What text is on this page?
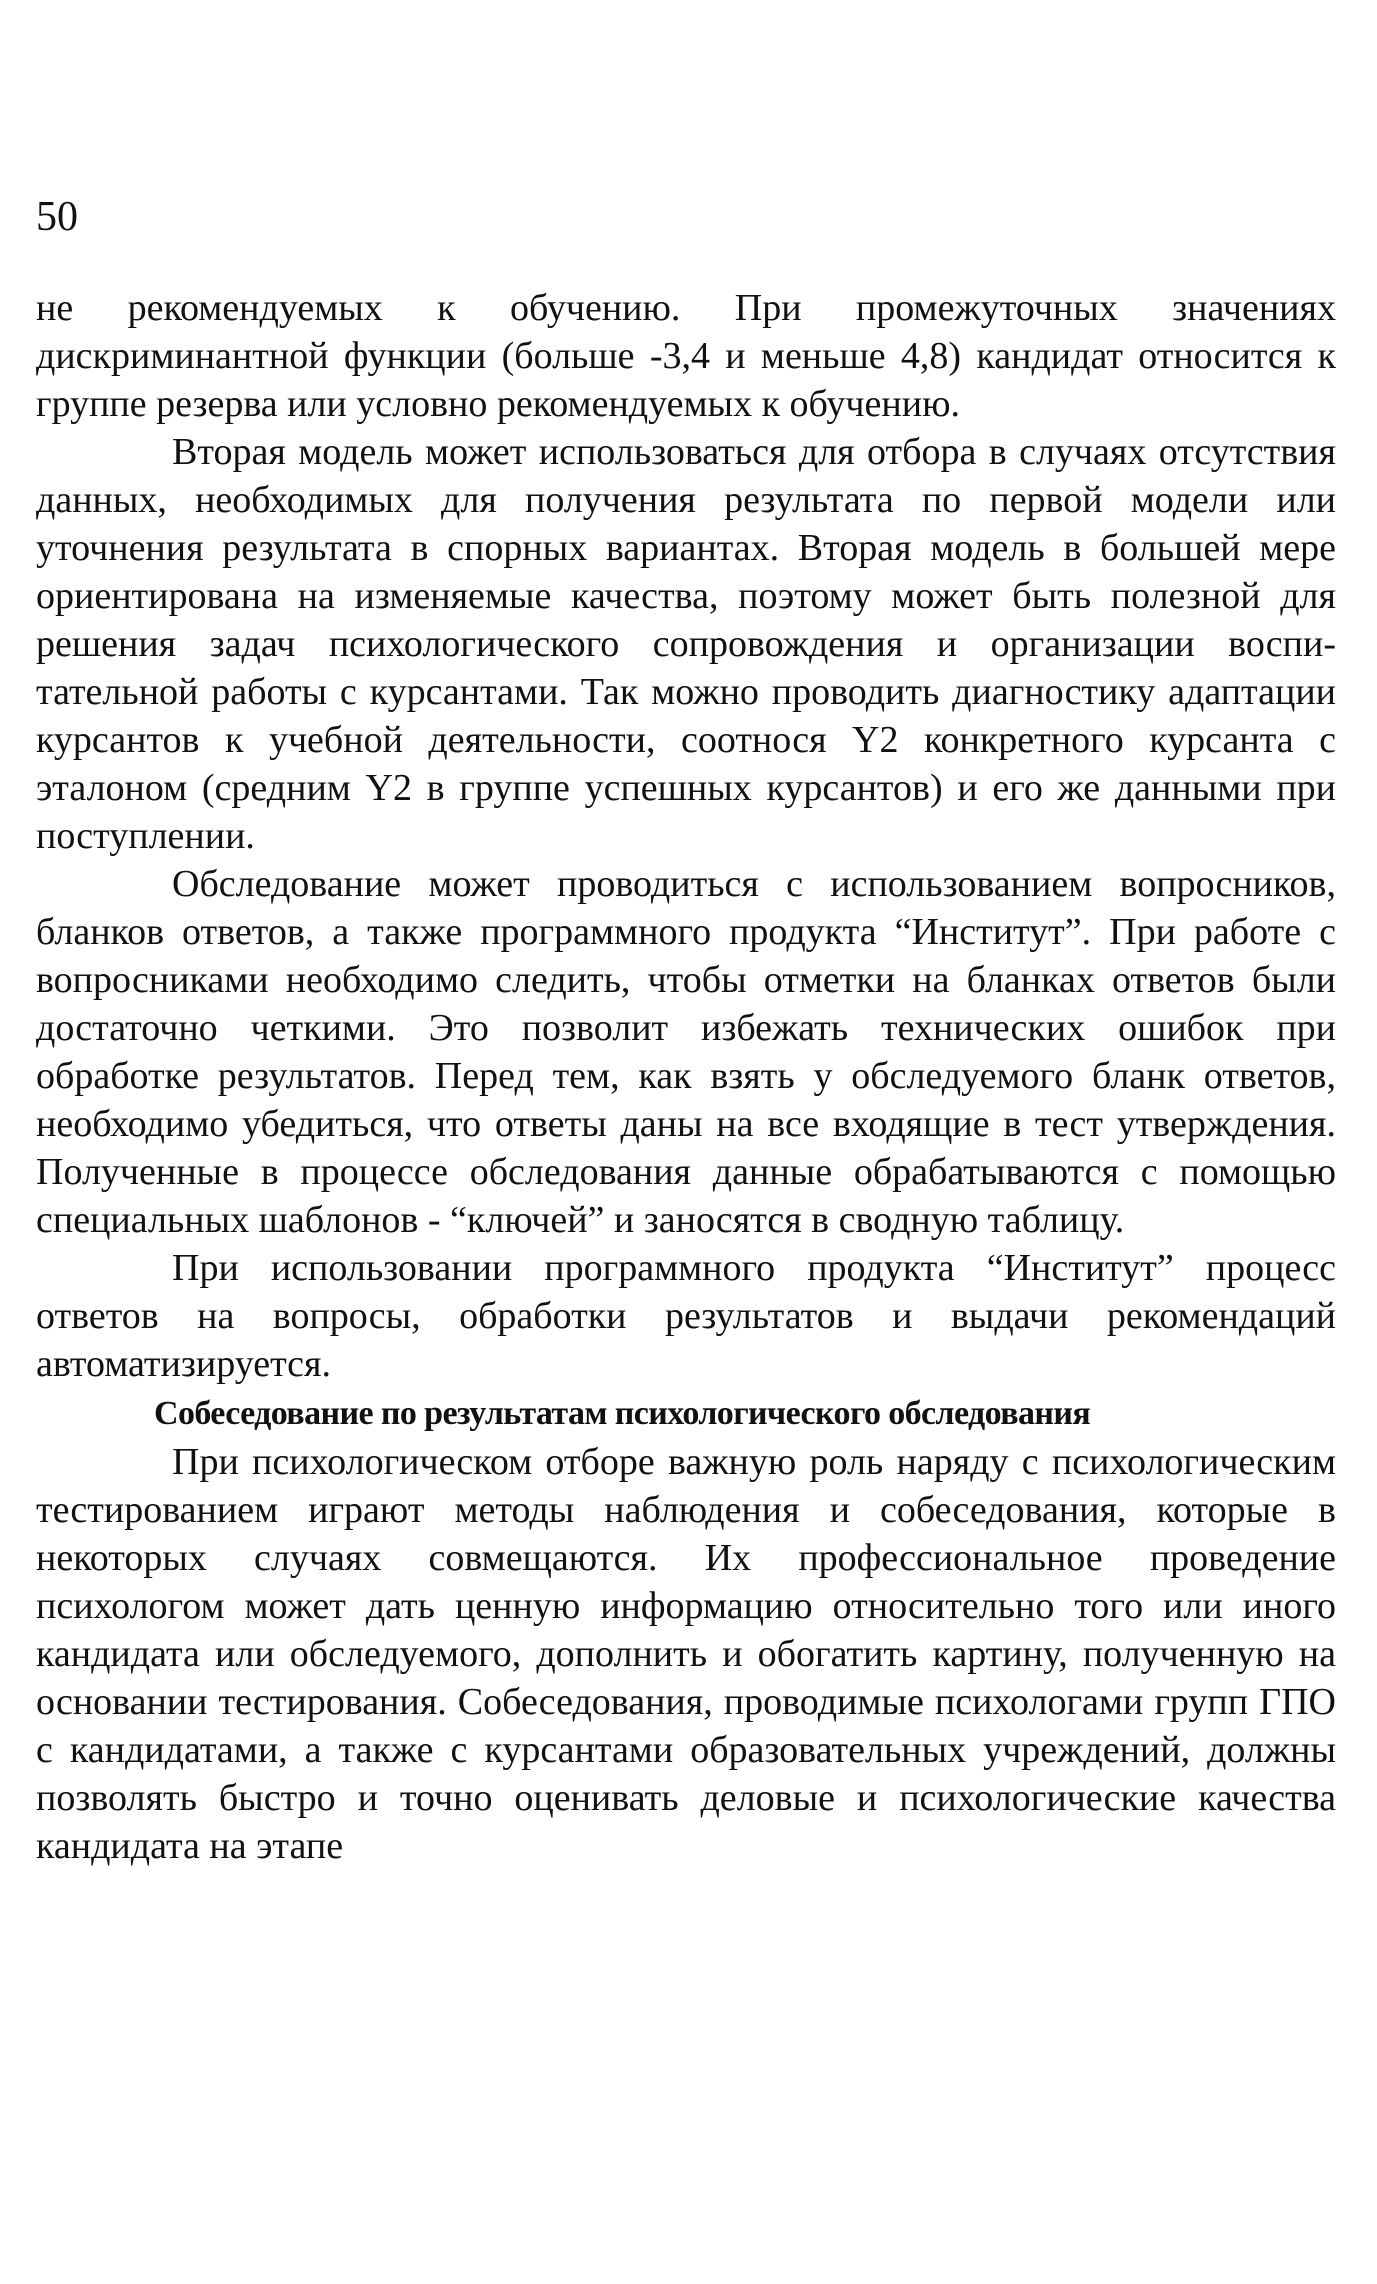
50

не рекомендуемых к обучению. При промежуточных значениях дискриминантной функции (больше -3,4 и меньше 4,8) кандидат относится к группе резерва или условно рекомендуемых к обучению.

Вторая модель может использоваться для отбора в случаях отсутствия данных, необходимых для получения результата по первой модели или уточнения результата в спорных вариантах. Вторая модель в большей мере ориентирована на изменяемые качества, поэтому может быть полезной для решения задач психологического сопровождения и организации воспитательной работы с курсантами. Так можно проводить диагностику адаптации курсантов к учебной деятельности, соотнося Y2 конкретного курсанта с эталоном (средним Y2 в группе успешных курсантов) и его же данными при поступлении.

Обследование может проводиться с использованием вопросников, бланков ответов, а также программного продукта “Институт”. При работе с вопросниками необходимо следить, чтобы отметки на бланках ответов были достаточно четкими. Это позволит избежать технических ошибок при обработке результатов. Перед тем, как взять у обследуемого бланк ответов, необходимо убедиться, что ответы даны на все входящие в тест утверждения. Полученные в процессе обследования данные обрабатываются с помощью специальных шаблонов - “ключей” и заносятся в сводную таблицу.

При использовании программного продукта “Институт” процесс ответов на вопросы, обработки результатов и выдачи рекомендаций автоматизируется.

Собеседование по результатам психологического обследования

При психологическом отборе важную роль наряду с психологическим тестированием играют методы наблюдения и собеседования, которые в некоторых случаях совмещаются. Их профессиональное проведение психологом может дать ценную информацию относительно того или иного кандидата или обследуемого, дополнить и обогатить картину, полученную на основании тестирования. Собеседования, проводимые психологами групп ГПО с кандидатами, а также с курсантами образовательных учреждений, должны позволять быстро и точно оценивать деловые и психологические качества кандидата на этапе
